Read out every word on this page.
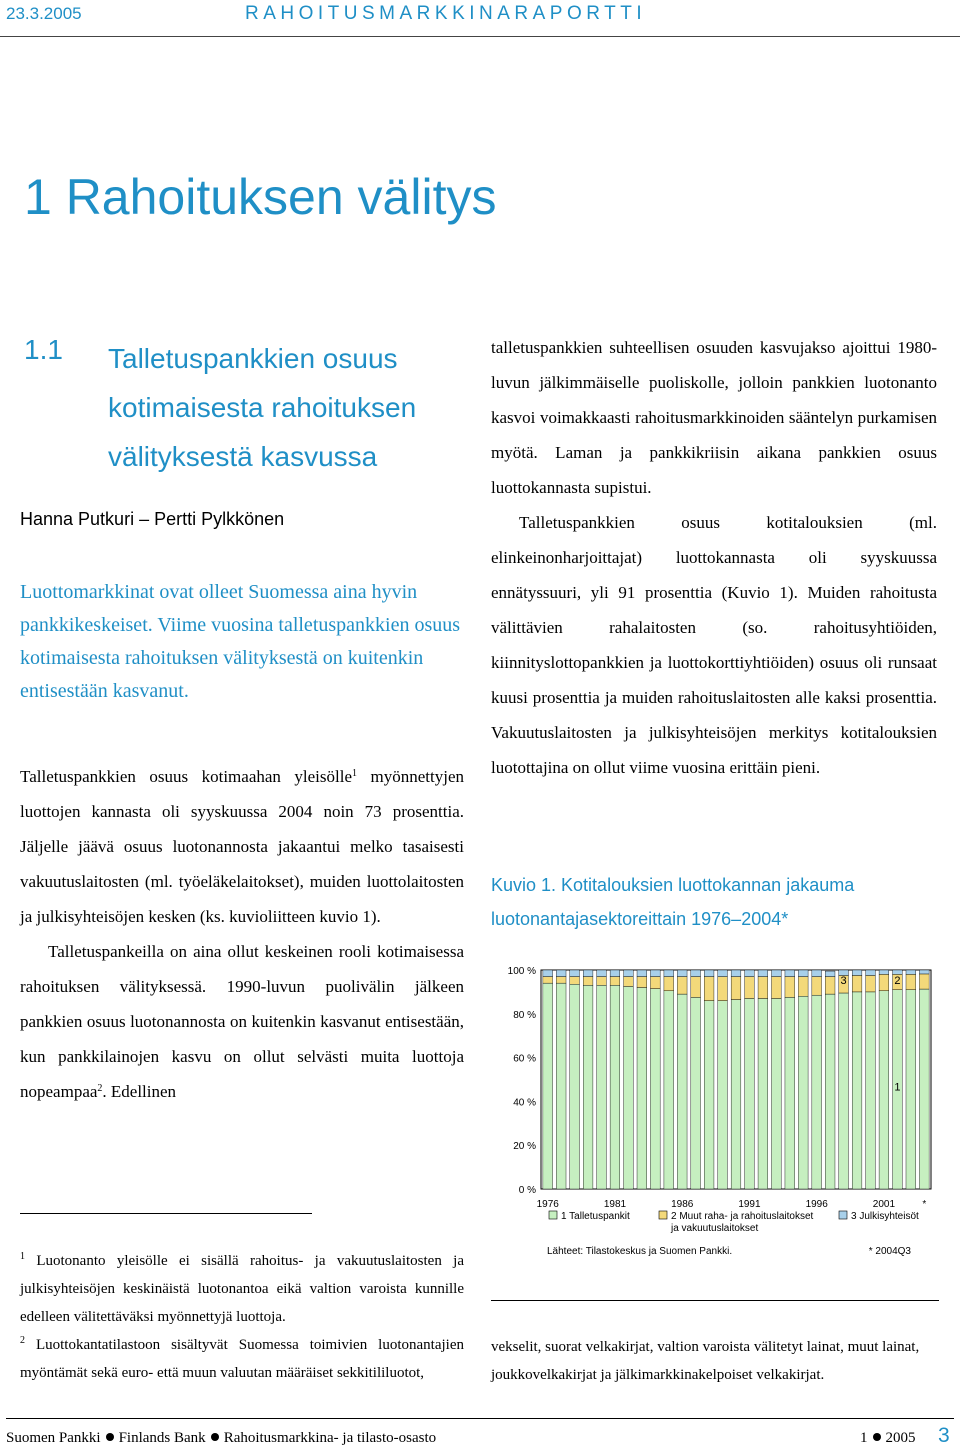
23.3.2005	RAHOITUSMARKKINARAPORTTI
1 Rahoituksen välitys
1.1 Talletuspankkien osuus kotimaisesta rahoituksen välityksestä kasvussa
Hanna Putkuri – Pertti Pylkkönen
Luottomarkkinat ovat olleet Suomessa aina hyvin pankkikeskeiset. Viime vuosina talletuspankkien osuus kotimaisesta rahoituksen välityksestä on kuitenkin entisestään kasvanut.

Talletuspankkien osuus kotimaahan yleisölle$^1$ myönnettyjen luottojen kannasta oli syyskuussa 2004 noin 73 prosenttia. Jäljelle jäävä osuus luotonannosta jakaantui melko tasaisesti vakuutuslaitosten (ml. työeläkelaitokset), muiden luottolaitosten ja julkisyhteisöjen kesken (ks. kuvioliitteen kuvio 1).

Talletuspankeilla on aina ollut keskeinen rooli kotimaisessa rahoituksen välityksessä. 1990-luvun puolivälin jälkeen pankkien osuus luotonannosta on kuitenkin kasvanut entisestään, kun pankkilainojen kasvu on ollut selvästi muita luottoja nopeampaa$^2$. Edellinen

talletuspankkien suhteellisen osuuden kasvujakso ajoittui 1980-luvun jälkimmäiselle puoliskolle, jolloin pankkien luotonanto kasvoi voimakkaasti rahoitusmarkkinoiden sääntelyn purkamisen myötä. Laman ja pankkikriisin aikana pankkien osuus luottokannasta supistui.

Talletuspankkien osuus kotitalouksien (ml. elinkeinonharjoittajat) luottokannasta oli syyskuussa ennätyssuuri, yli 91 prosenttia (Kuvio 1). Muiden rahoitusta välittävien rahalaitosten (so. rahoitusyhtiöiden, kiinnityslottopankkien ja luottokorttiyhtiöiden) osuus oli runsaat kuusi prosenttia ja muiden rahoituslaitosten alle kaksi prosenttia. Vakuutuslaitosten ja julkisyhteisöjen merkitys kotitalouksien luotottajina on ollut viime vuosina erittäin pieni.

Kuvio 1. Kotitalouksien luottokannan jakauma
luotonantajasektoreittain 1976–2004*
100 %
80 %
60 %
40 %
20 %
0 %
3	2
1
1976	1981	1986	1991	1996	2001	*
1 Talletuspankit	2 Muut raha- ja rahoituslaitokset
ja vakuutuslaitokset
3 Julkisyhteisöt
Lähteet: Tilastokeskus ja Suomen Pankki.	* 2004Q3

$^1$ Luotonanto yleisölle ei sisällä rahoitus- ja vakuutuslaitosten ja julkisyhteisöjen keskinäistä luotonantoa eikä valtion varoista kunnille edelleen välitettäväksi myönnettyjä luottoja.

$^2$ Luottokantatilastoon sisältyvät Suomessa toimivien luotonantajien myöntämät sekä euro- että muun valuutan määräiset sekkitililuotot,

vekselit, suorat velkakirjat, valtion varoista välitetyt lainat, muut lainat, joukkovelkakirjat ja jälkimarkkinakelpoiset velkakirjat.

Suomen Pankki Finlands Bank Rahoitusmarkkina- ja tilasto-osasto	1 2005 3
